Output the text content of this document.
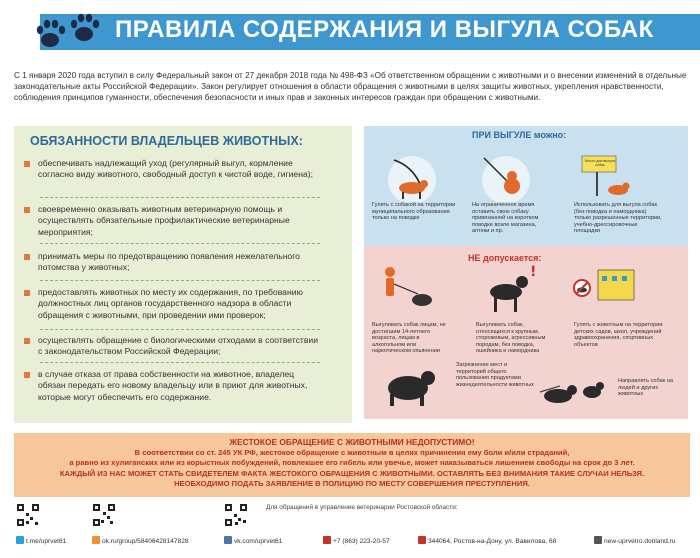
ПРАВИЛА СОДЕРЖАНИЯ И ВЫГУЛА СОБАК
С 1 января 2020 года вступил в силу Федеральный закон от 27 декабря 2018 года № 498-ФЗ «Об ответственном обращении с животными и о внесении изменений в отдельные законодательные акты Российской Федерации». Закон регулирует отношения в области обращения с животными в целях защиты животных, укрепления нравственности, соблюдения принципов гуманности, обеспечения безопасности и иных прав и законных интересов граждан при обращении с животными.
ОБЯЗАННОСТИ ВЛАДЕЛЬЦЕВ ЖИВОТНЫХ:
обеспечивать надлежащий уход (регулярный выгул, кормление согласно виду животного, свободный доступ к чистой воде, гигиена);
своевременно оказывать животным ветеринарную помощь и осуществлять обязательные профилактические ветеринарные мероприятия;
принимать меры по предотвращению появления нежелательного потомства у животных;
предоставлять животных по месту их содержания, по требованию должностных лиц органов государственного надзора в области обращения с животными, при проведении ими проверок;
осуществлять обращение с биологическими отходами в соответствии с законодательством Российской Федерации;
в случае отказа от права собственности на животное, владелец обязан передать его новому владельцу или в приют для животных, которые могут обеспечить его содержание.
ПРИ ВЫГУЛЕ можно:
Место для выгула собак
Гулять с собакой на территории муниципального образования только на поводке
На ограниченное время оставить свою собаку привязанной на коротком поводке возле магазина, аптеки и пр.
Использовать для выгула собак (без поводка и намордника) только разрешенные территории, учебно-дрессировочные площадки
НЕ допускается:
!
Выгуливать собак лицам, не достигшим 14-летнего возраста, лицам в алкогольном или наркотическом опьянении
Выгуливать собак, относящихся к крупным, сторожевым, агрессивным породам, без поводка, ошейника и намордника
Гулять с животным на территории детских садов, школ, учреждений здравоохранения, спортивных объектов
Загрязнение мест и территорий общего пользования продуктами жизнедеятельности животных
Направлять собак на людей и других животных
ЖЕСТОКОЕ ОБРАЩЕНИЕ С ЖИВОТНЫМИ НЕДОПУСТИМО!
В соответствии со ст. 245 УК РФ, жестокое обращение с животным в целях причинения ему боли и/или страданий,
а равно из хулиганских или из корыстных побуждений, повлекшее его гибель или увечье, может наказываться лишением свободы на срок до 3 лет.
КАЖДЫЙ ИЗ НАС МОЖЕТ СТАТЬ СВИДЕТЕЛЕМ ФАКТА ЖЕСТОКОГО ОБРАЩЕНИЯ С ЖИВОТНЫМИ. ОСТАВЛЯТЬ БЕЗ ВНИМАНИЯ ТАКИЕ СЛУЧАИ НЕЛЬЗЯ.
НЕОБХОДИМО ПОДАТЬ ЗАЯВЛЕНИЕ В ПОЛИЦИЮ ПО МЕСТУ СОВЕРШЕНИЯ ПРЕСТУПЛЕНИЯ.
Для обращений в управление ветеринарии Ростовской области:
t.me/uprvet61	ok.ru/group/58406428147828	vk.com/uprvet61	+7 (863) 223-20-57	344064, Ростов-на-Дону, ул. Вавилова, 68	new-uprvetro.donland.ru
